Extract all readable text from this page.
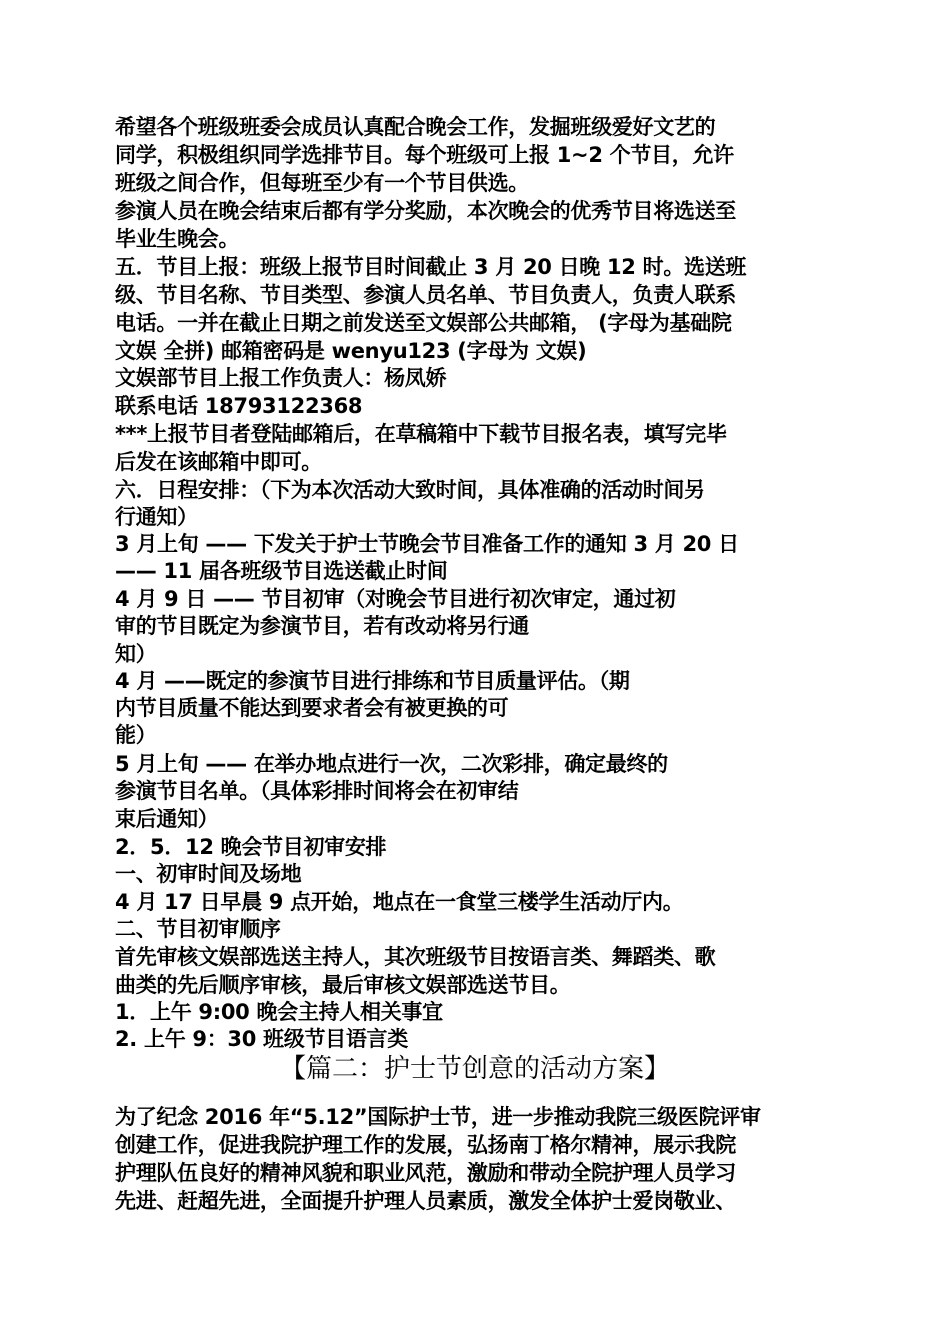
希望各个班级班委会成员认真配合晚会工作，发掘班级爱好文艺的
同学，积极组织同学选排节目。每个班级可上报 1~2 个节目，允许
班级之间合作，但每班至少有一个节目供选。
参演人员在晚会结束后都有学分奖励，本次晚会的优秀节目将选送至
毕业生晚会。
五．节目上报：班级上报节目时间截止 3 月 20 日晚 12 时。选送班
级、节目名称、节目类型、参演人员名单、节目负责人，负责人联系
电话。一并在截止日期之前发送至文娱部公共邮箱， (字母为基础院
文娱 全拼) 邮箱密码是 wenyu123 (字母为 文娱)
文娱部节目上报工作负责人：杨凤娇
联系电话 18793122368
***上报节目者登陆邮箱后，在草稿箱中下载节目报名表，填写完毕
后发在该邮箱中即可。
六．日程安排：（下为本次活动大致时间，具体准确的活动时间另
行通知）
3 月上旬 —— 下发关于护士节晚会节目准备工作的通知 3 月 20 日
—— 11 届各班级节目选送截止时间
4 月 9 日 —— 节目初审（对晚会节目进行初次审定，通过初
审的节目既定为参演节目，若有改动将另行通
知）
4 月 ——既定的参演节目进行排练和节目质量评估。（期
内节目质量不能达到要求者会有被更换的可
能）
5 月上旬 —— 在举办地点进行一次，二次彩排，确定最终的
参演节目名单。（具体彩排时间将会在初审结
束后通知）
2．5．12 晚会节目初审安排
一、初审时间及场地
4 月 17 日早晨 9 点开始，地点在一食堂三楼学生活动厅内。
二、节目初审顺序
首先审核文娱部选送主持人，其次班级节目按语言类、舞蹈类、歌
曲类的先后顺序审核，最后审核文娱部选送节目。
1．上午 9:00 晚会主持人相关事宜
2. 上午 9：30 班级节目语言类
【篇二：护士节创意的活动方案】
为了纪念 2016 年“5.12”国际护士节，进一步推动我院三级医院评审
创建工作，促进我院护理工作的发展，弘扬南丁格尔精神，展示我院
护理队伍良好的精神风貌和职业风范，激励和带动全院护理人员学习
先进、赶超先进，全面提升护理人员素质，激发全体护士爱岗敬业、
